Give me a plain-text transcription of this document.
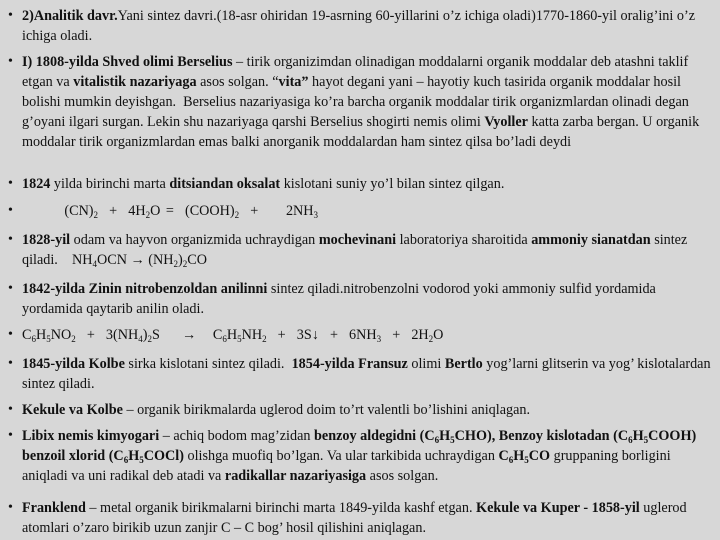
• 2)Analitik davr.Yani sintez davri.(18-asr ohiridan 19-asrning 60-yillarini o’z ichiga oladi)1770-1860-yil oralig’ini o’z ichiga oladi.
• I) 1808-yilda Shved olimi Berselius – tirik organizimdan olinadigan moddalarni organik moddalar deb atashni taklif etgan va vitalistik nazariyaga asos solgan. “vita” hayot degani yani – hayotiy kuch tasirida organik moddalar hosil bolishi mumkin deyishgan.  Berselius nazariyasiga ko’ra barcha organik moddalar tirik organizmlardan olinadi degan g’oyani ilgari surgan. Lekin shu nazariyaga qarshi Berselius shogirti nemis olimi Vyoller katta zarba bergan. U organik moddalar tirik organizmlardan emas balki anorganik moddalardan ham sintez qilsa bo’ladi deydi
• 1824 yilda birinchi marta ditsiandan oksalat kislotani suniy yo’l bilan sintez qilgan.
• $(CN)_2 + 4H_2O$ =  $(COOH)_2$  +     $2NH_3$
• 1828-yil odam va hayvon organizmida uchraydigan mochevinani laboratoriya sharoitida ammoniy sianatdan sintez qiladi.    $NH_4OCN \to (NH_2)_2CO$
• 1842-yilda Zinin nitrobenzoldan anilinni sintez qiladi.nitrobenzolni vodorod yoki ammoniy sulfid yordamida yordamida qaytarib anilin oladi.
• $C_6H_5NO_2 + 3(NH_4)_2S$    →   $C_6H_5NH_2$  +  3S↓  +  $6NH_3 + 2H_2O$
• 1845-yilda Kolbe sirka kislotani sintez qiladi.  1854-yilda Fransuz olimi Bertlo yog’larni glitserin va yog’ kislotalardan sintez qiladi.
• Kekule va Kolbe – organik birikmalarda uglerod doim to’rt valentli bo’lishini aniqlagan.
• Libix nemis kimyogari – achiq bodom mag’zidan benzoy aldegidni $(C_6H_5CHO)$, Benzoy kislotadan $(C_6H_5COOH)$ benzoil xlorid $(C_6H_5COCl)$ olishga muofiq bo’lgan. Va ular tarkibida uchraydigan $C_6H_5CO$ gruppaning borligini aniqladi va uni radikal deb atadi va radikallar nazariyasiga asos solgan.
• Franklend – metal organik birikmalarni birinchi marta 1849-yilda kashf etgan. Kekule va Kuper - 1858-yil uglerod atomlari o’zaro birikib uzun zanjir C – C bog’ hosil qilishini aniqlagan.
